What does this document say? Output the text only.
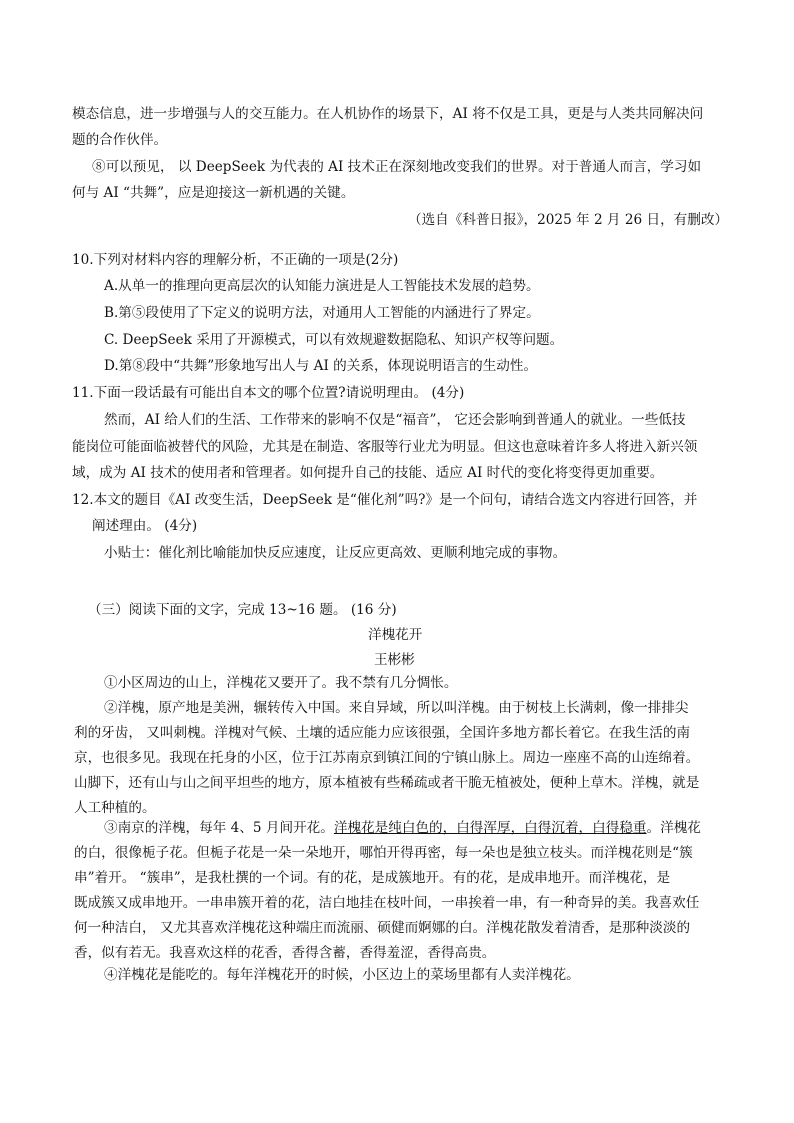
模态信息，进一步增强与人的交互能力。在人机协作的场景下，AI 将不仅是工具，更是与人类共同解决问
题的合作伙伴。
⑧可以预见， 以 DeepSeek 为代表的 AI 技术正在深刻地改变我们的世界。对于普通人而言，学习如
何与 AI “共舞”，应是迎接这一新机遇的关键。
（选自《科普日报》，2025 年 2 月 26 日，有删改）
10.下列对材料内容的理解分析，不正确的一项是(2分)
A.从单一的推理向更高层次的认知能力演进是人工智能技术发展的趋势。
B.第⑤段使用了下定义的说明方法，对通用人工智能的内涵进行了界定。
C. DeepSeek 采用了开源模式，可以有效规避数据隐私、知识产权等问题。
D.第⑧段中“共舞”形象地写出人与 AI 的关系，体现说明语言的生动性。
11.下面一段话最有可能出自本文的哪个位置?请说明理由。 (4分)
然而，AI 给人们的生活、工作带来的影响不仅是“福音”， 它还会影响到普通人的就业。一些低技
能岗位可能面临被替代的风险，尤其是在制造、客服等行业尤为明显。但这也意味着许多人将进入新兴领
域，成为 AI 技术的使用者和管理者。如何提升自己的技能、适应 AI 时代的变化将变得更加重要。
12.本文的题目《AI 改变生活，DeepSeek 是“催化剂”吗?》是一个问句，请结合选文内容进行回答，并
阐述理由。 (4分)
小贴士：催化剂比喻能加快反应速度，让反应更高效、更顺利地完成的事物。
（三）阅读下面的文字，完成 13~16 题。 (16 分)
洋槐花开
王彬彬
①小区周边的山上，洋槐花又要开了。我不禁有几分惆怅。
②洋槐，原产地是美洲，辗转传入中国。来自异域，所以叫洋槐。由于树枝上长满刺，像一排排尖
利的牙齿， 又叫刺槐。洋槐对气候、土壤的适应能力应该很强，全国许多地方都长着它。在我生活的南
京，也很多见。我现在托身的小区，位于江苏南京到镇江间的宁镇山脉上。周边一座座不高的山连绵着。
山脚下，还有山与山之间平坦些的地方，原本植被有些稀疏或者干脆无植被处，便种上草木。洋槐，就是
人工种植的。
③南京的洋槐，每年 4、5 月间开花。洋槐花是纯白色的，白得浑厚，白得沉着，白得稳重。洋槐花
的白，很像栀子花。但栀子花是一朵一朵地开，哪怕开得再密，每一朵也是独立枝头。而洋槐花则是“簇
串”着开。 “簇串”，是我杜撰的一个词。有的花，是成簇地开。有的花，是成串地开。而洋槐花，是
既成簇又成串地开。一串串簇开着的花，洁白地挂在枝叶间，一串挨着一串，有一种奇异的美。我喜欢任
何一种洁白， 又尤其喜欢洋槐花这种端庄而流丽、硕健而婀娜的白。洋槐花散发着清香，是那种淡淡的
香，似有若无。我喜欢这样的花香，香得含蓄，香得羞涩，香得高贵。
④洋槐花是能吃的。每年洋槐花开的时候，小区边上的菜场里都有人卖洋槐花。
